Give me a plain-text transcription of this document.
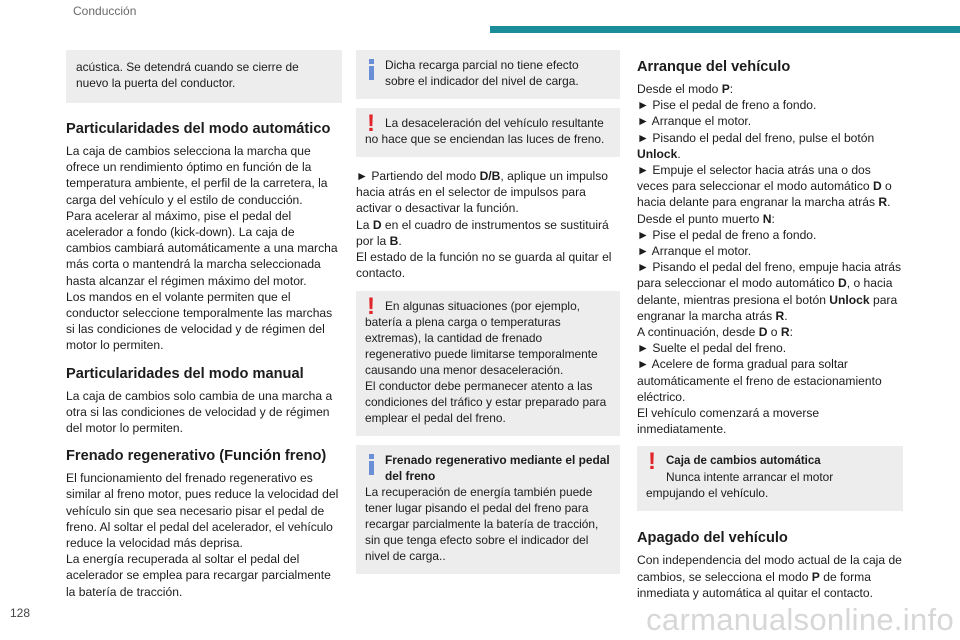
Conducción

acústica. Se detendrá cuando se cierre de nuevo la puerta del conductor.

Particularidades del modo automático

La caja de cambios selecciona la marcha que ofrece un rendimiento óptimo en función de la temperatura ambiente, el perfil de la carretera, la carga del vehículo y el estilo de conducción.

Para acelerar al máximo, pise el pedal del acelerador a fondo (kick-down). La caja de cambios cambiará automáticamente a una marcha más corta o mantendrá la marcha seleccionada hasta alcanzar el régimen máximo del motor.

Los mandos en el volante permiten que el conductor seleccione temporalmente las marchas si las condiciones de velocidad y de régimen del motor lo permiten.

Particularidades del modo manual

La caja de cambios solo cambia de una marcha a otra si las condiciones de velocidad y de régimen del motor lo permiten.

Frenado regenerativo (Función freno)

El funcionamiento del frenado regenerativo es similar al freno motor, pues reduce la velocidad del vehículo sin que sea necesario pisar el pedal de freno. Al soltar el pedal del acelerador, el vehículo reduce la velocidad más deprisa.

La energía recuperada al soltar el pedal del acelerador se emplea para recargar parcialmente la batería de tracción.

Dicha recarga parcial no tiene efecto sobre el indicador del nivel de carga.

! La desaceleración del vehículo resultante no hace que se enciendan las luces de freno.

► Partiendo del modo D/B, aplique un impulso hacia atrás en el selector de impulsos para activar o desactivar la función.

La D en el cuadro de instrumentos se sustituirá por la B.

El estado de la función no se guarda al quitar el contacto.

! En algunas situaciones (por ejemplo, batería a plena carga o temperaturas extremas), la cantidad de frenado regenerativo puede limitarse temporalmente causando una menor desaceleración.

El conductor debe permanecer atento a las condiciones del tráfico y estar preparado para emplear el pedal del freno.

Frenado regenerativo mediante el pedal del freno

La recuperación de energía también puede tener lugar pisando el pedal del freno para recargar parcialmente la batería de tracción, sin que tenga efecto sobre el indicador del nivel de carga..

Arranque del vehículo

Desde el modo P:

► Pise el pedal de freno a fondo.

► Arranque el motor.

► Pisando el pedal del freno, pulse el botón Unlock.

► Empuje el selector hacia atrás una o dos veces para seleccionar el modo automático D o hacia delante para engranar la marcha atrás R.

Desde el punto muerto N:

► Pise el pedal de freno a fondo.

► Arranque el motor.

► Pisando el pedal del freno, empuje hacia atrás para seleccionar el modo automático D, o hacia delante, mientras presiona el botón Unlock para engranar la marcha atrás R.

A continuación, desde D o R:

► Suelte el pedal del freno.

► Acelere de forma gradual para soltar automáticamente el freno de estacionamiento eléctrico.

El vehículo comenzará a moverse inmediatamente.

! Caja de cambios automática

Nunca intente arrancar el motor empujando el vehículo.

Apagado del vehículo

Con independencia del modo actual de la caja de cambios, se selecciona el modo P de forma inmediata y automática al quitar el contacto.

128	carmanualsonline.info
